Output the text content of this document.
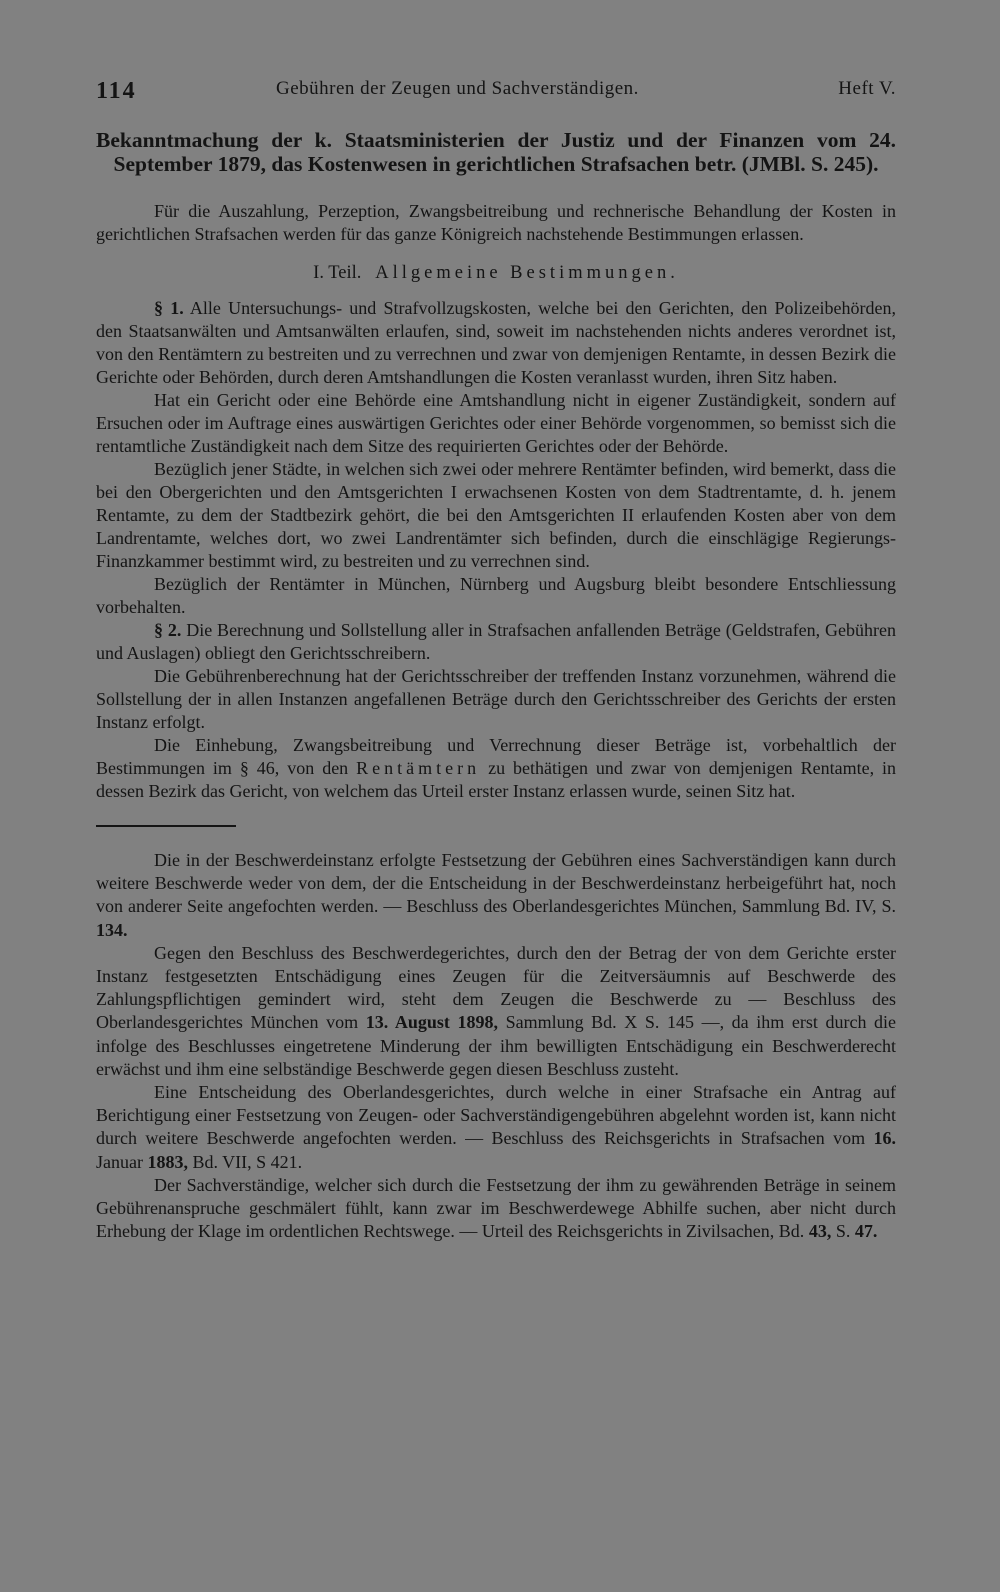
114	Gebühren der Zeugen und Sachverständigen.	Heft V.
Bekanntmachung der k. Staatsministerien der Justiz und der Finanzen vom 24. September 1879, das Kostenwesen in gerichtlichen Strafsachen betr. (JMBl. S. 245).

Für die Auszahlung, Perzeption, Zwangsbeitreibung und rechnerische Behandlung der Kosten in gerichtlichen Strafsachen werden für das ganze Königreich nachstehende Bestimmungen erlassen.

I. Teil. Allgemeine Bestimmungen.

§ 1. Alle Untersuchungs- und Strafvollzugskosten, welche bei den Gerichten, den Polizeibehörden, den Staatsanwälten und Amtsanwälten erlaufen, sind, soweit im nachstehenden nichts anderes verordnet ist, von den Rentämtern zu bestreiten und zu verrechnen und zwar von demjenigen Rentamte, in dessen Bezirk die Gerichte oder Behörden, durch deren Amtshandlungen die Kosten veranlasst wurden, ihren Sitz haben.

Hat ein Gericht oder eine Behörde eine Amtshandlung nicht in eigener Zuständigkeit, sondern auf Ersuchen oder im Auftrage eines auswärtigen Gerichtes oder einer Behörde vorgenommen, so bemisst sich die rentamtliche Zuständigkeit nach dem Sitze des requirierten Gerichtes oder der Behörde.

Bezüglich jener Städte, in welchen sich zwei oder mehrere Rentämter befinden, wird bemerkt, dass die bei den Obergerichten und den Amtsgerichten I erwachsenen Kosten von dem Stadtrentamte, d. h. jenem Rentamte, zu dem der Stadtbezirk gehört, die bei den Amtsgerichten II erlaufenden Kosten aber von dem Landrentamte, welches dort, wo zwei Landrentämter sich befinden, durch die einschlägige Regierungs-Finanzkammer bestimmt wird, zu bestreiten und zu verrechnen sind.

Bezüglich der Rentämter in München, Nürnberg und Augsburg bleibt besondere Entschliessung vorbehalten.

§ 2. Die Berechnung und Sollstellung aller in Strafsachen anfallenden Beträge (Geldstrafen, Gebühren und Auslagen) obliegt den Gerichtsschreibern.

Die Gebührenberechnung hat der Gerichtsschreiber der treffenden Instanz vorzunehmen, während die Sollstellung der in allen Instanzen angefallenen Beträge durch den Gerichtsschreiber des Gerichts der ersten Instanz erfolgt.

Die Einhebung, Zwangsbeitreibung und Verrechnung dieser Beträge ist, vorbehaltlich der Bestimmungen im § 46, von den Rentämtern zu bethätigen und zwar von demjenigen Rentamte, in dessen Bezirk das Gericht, von welchem das Urteil erster Instanz erlassen wurde, seinen Sitz hat.

Die in der Beschwerdeinstanz erfolgte Festsetzung der Gebühren eines Sachverständigen kann durch weitere Beschwerde weder von dem, der die Entscheidung in der Beschwerdeinstanz herbeigeführt hat, noch von anderer Seite angefochten werden. — Beschluss des Oberlandesgerichtes München, Sammlung Bd. IV, S. 134.

Gegen den Beschluss des Beschwerdegerichtes, durch den der Betrag der von dem Gerichte erster Instanz festgesetzten Entschädigung eines Zeugen für die Zeitversäumnis auf Beschwerde des Zahlungspflichtigen gemindert wird, steht dem Zeugen die Beschwerde zu — Beschluss des Oberlandesgerichtes München vom 13. August 1898, Sammlung Bd. X S. 145 —, da ihm erst durch die infolge des Beschlusses eingetretene Minderung der ihm bewilligten Entschädigung ein Beschwerderecht erwächst und ihm eine selbständige Beschwerde gegen diesen Beschluss zusteht.

Eine Entscheidung des Oberlandesgerichtes, durch welche in einer Strafsache ein Antrag auf Berichtigung einer Festsetzung von Zeugen- oder Sachverständigengebühren abgelehnt worden ist, kann nicht durch weitere Beschwerde angefochten werden. — Beschluss des Reichsgerichts in Strafsachen vom 16. Januar 1883, Bd. VII, S 421.

Der Sachverständige, welcher sich durch die Festsetzung der ihm zu gewährenden Beträge in seinem Gebührenanspruche geschmälert fühlt, kann zwar im Beschwerdewege Abhilfe suchen, aber nicht durch Erhebung der Klage im ordentlichen Rechtswege. — Urteil des Reichsgerichts in Zivilsachen, Bd. 43, S. 47.
